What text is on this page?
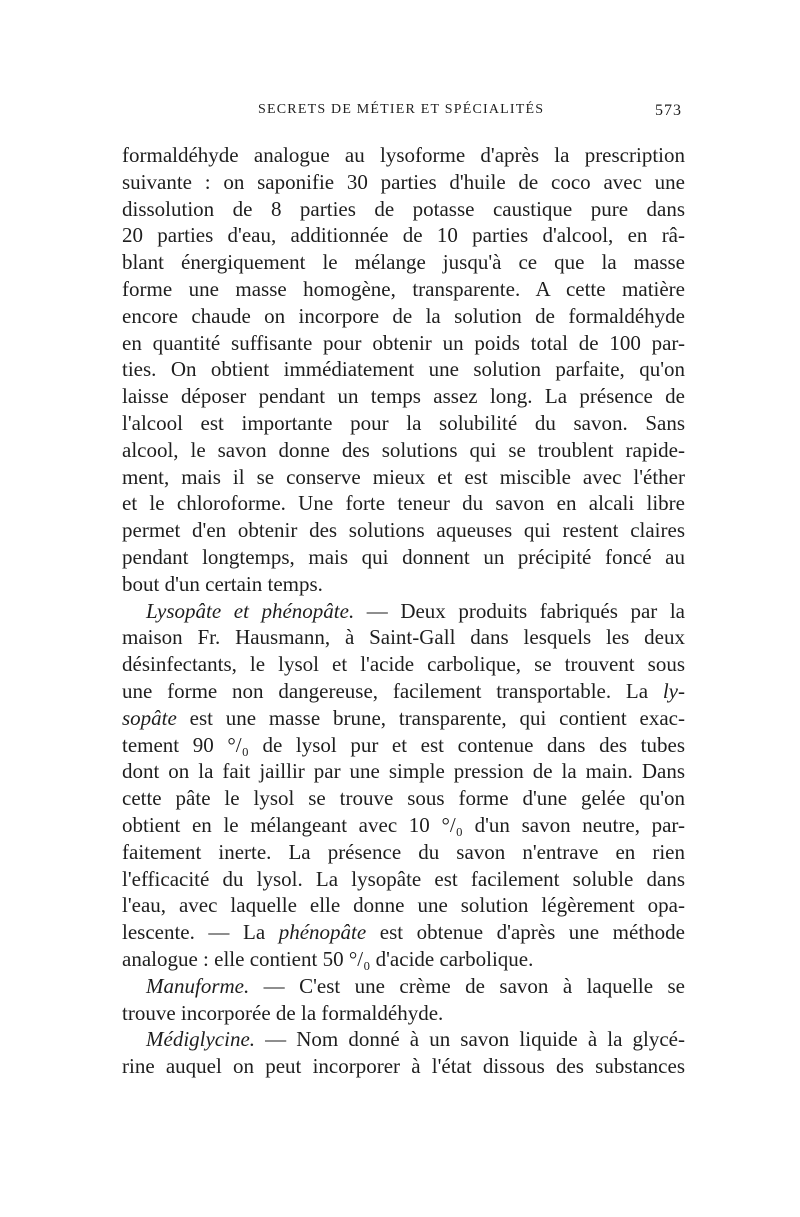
SECRETS DE MÉTIER ET SPÉCIALITÉS	573
formaldéhyde analogue au lysoforme d'après la prescription
suivante : on saponifie 30 parties d'huile de coco avec une
dissolution de 8 parties de potasse caustique pure dans
20 parties d'eau, additionnée de 10 parties d'alcool, en râ-
blant énergiquement le mélange jusqu'à ce que la masse
forme une masse homogène, transparente. A cette matière
encore chaude on incorpore de la solution de formaldéhyde
en quantité suffisante pour obtenir un poids total de 100 par-
ties. On obtient immédiatement une solution parfaite, qu'on
laisse déposer pendant un temps assez long. La présence de
l'alcool est importante pour la solubilité du savon. Sans
alcool, le savon donne des solutions qui se troublent rapide-
ment, mais il se conserve mieux et est miscible avec l'éther
et le chloroforme. Une forte teneur du savon en alcali libre
permet d'en obtenir des solutions aqueuses qui restent claires
pendant longtemps, mais qui donnent un précipité foncé au
bout d'un certain temps.
Lysopâte et phénopâte. — Deux produits fabriqués par la
maison Fr. Hausmann, à Saint-Gall dans lesquels les deux
désinfectants, le lysol et l'acide carbolique, se trouvent sous
une forme non dangereuse, facilement transportable. La ly-
sopâte est une masse brune, transparente, qui contient exac-
tement 90 °/₀ de lysol pur et est contenue dans des tubes
dont on la fait jaillir par une simple pression de la main. Dans
cette pâte le lysol se trouve sous forme d'une gelée qu'on
obtient en le mélangeant avec 10 °/₀ d'un savon neutre, par-
faitement inerte. La présence du savon n'entrave en rien
l'efficacité du lysol. La lysopâte est facilement soluble dans
l'eau, avec laquelle elle donne une solution légèrement opa-
lescente. — La phénopâte est obtenue d'après une méthode
analogue : elle contient 50 °/₀ d'acide carbolique.
Manuforme. — C'est une crème de savon à laquelle se
trouve incorporée de la formaldéhyde.
Médiglycine. — Nom donné à un savon liquide à la glycé-
rine auquel on peut incorporer à l'état dissous des substances
